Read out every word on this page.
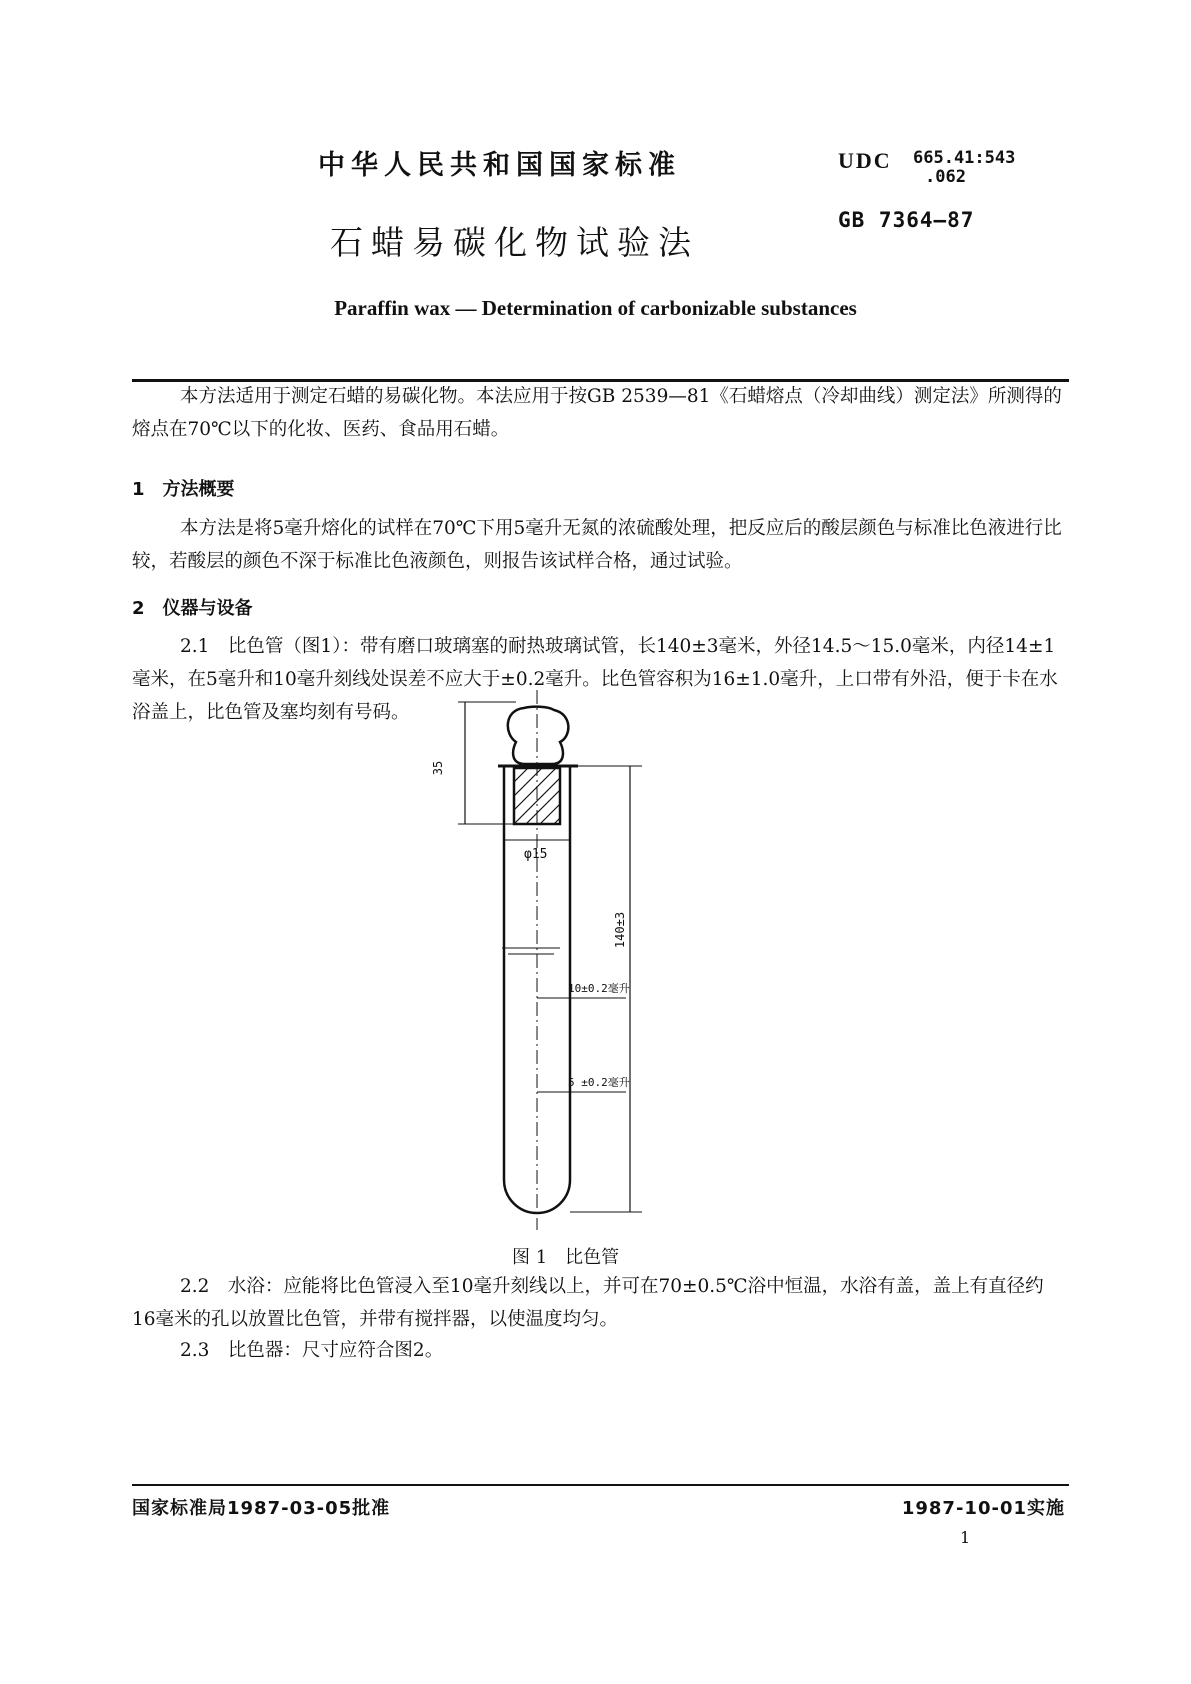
中华人民共和国国家标准	UDC 665.41:543
.062
GB 7364—87
石蜡易碳化物试验法
Paraffin wax — Determination of carbonizable substances
本方法适用于测定石蜡的易碳化物。本法应用于按GB 2539—81《石蜡熔点（冷却曲线）测定法》所测得的熔点在70℃以下的化妆、医药、食品用石蜡。
1　方法概要
本方法是将5毫升熔化的试样在70℃下用5毫升无氮的浓硫酸处理，把反应后的酸层颜色与标准比色液进行比较，若酸层的颜色不深于标准比色液颜色，则报告该试样合格，通过试验。
2　仪器与设备
2.1　比色管（图1）：带有磨口玻璃塞的耐热玻璃试管，长140±3毫米，外径14.5～15.0毫米，内径14±1毫米，在5毫升和10毫升刻线处误差不应大于±0.2毫升。比色管容积为16±1.0毫升，上口带有外沿，便于卡在水浴盖上，比色管及塞均刻有号码。
35
φ15
140±3
10±0.2毫升
5 ±0.2毫升
图 1　比色管
2.2　水浴：应能将比色管浸入至10毫升刻线以上，并可在70±0.5℃浴中恒温，水浴有盖，盖上有直径约16毫米的孔以放置比色管，并带有搅拌器，以使温度均匀。
2.3　比色器：尺寸应符合图2。
国家标准局1987-03-05批准	1987-10-01实施
1
